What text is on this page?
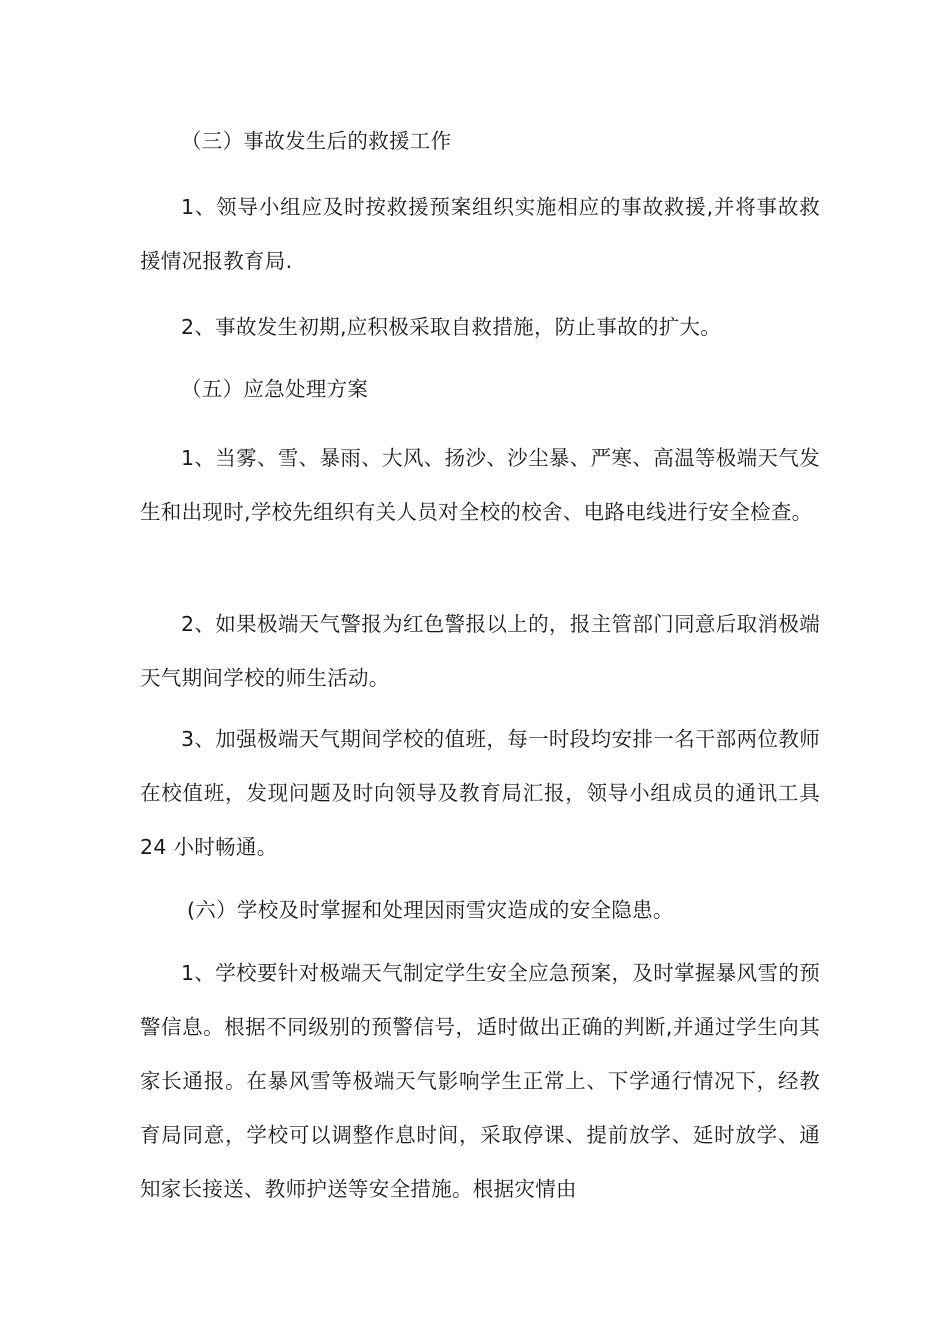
（三）事故发生后的救援工作

1、领导小组应及时按救援预案组织实施相应的事故救援,并将事故救援情况报教育局.

2、事故发生初期,应积极采取自救措施，防止事故的扩大。

（五）应急处理方案

1、当雾、雪、暴雨、大风、扬沙、沙尘暴、严寒、高温等极端天气发生和出现时,学校先组织有关人员对全校的校舍、电路电线进行安全检查。

2、如果极端天气警报为红色警报以上的，报主管部门同意后取消极端天气期间学校的师生活动。

3、加强极端天气期间学校的值班，每一时段均安排一名干部两位教师在校值班，发现问题及时向领导及教育局汇报，领导小组成员的通讯工具 24 小时畅通。

(六）学校及时掌握和处理因雨雪灾造成的安全隐患。

1、学校要针对极端天气制定学生安全应急预案，及时掌握暴风雪的预警信息。根据不同级别的预警信号，适时做出正确的判断,并通过学生向其家长通报。在暴风雪等极端天气影响学生正常上、下学通行情况下，经教育局同意，学校可以调整作息时间，采取停课、提前放学、延时放学、通知家长接送、教师护送等安全措施。根据灾情由
